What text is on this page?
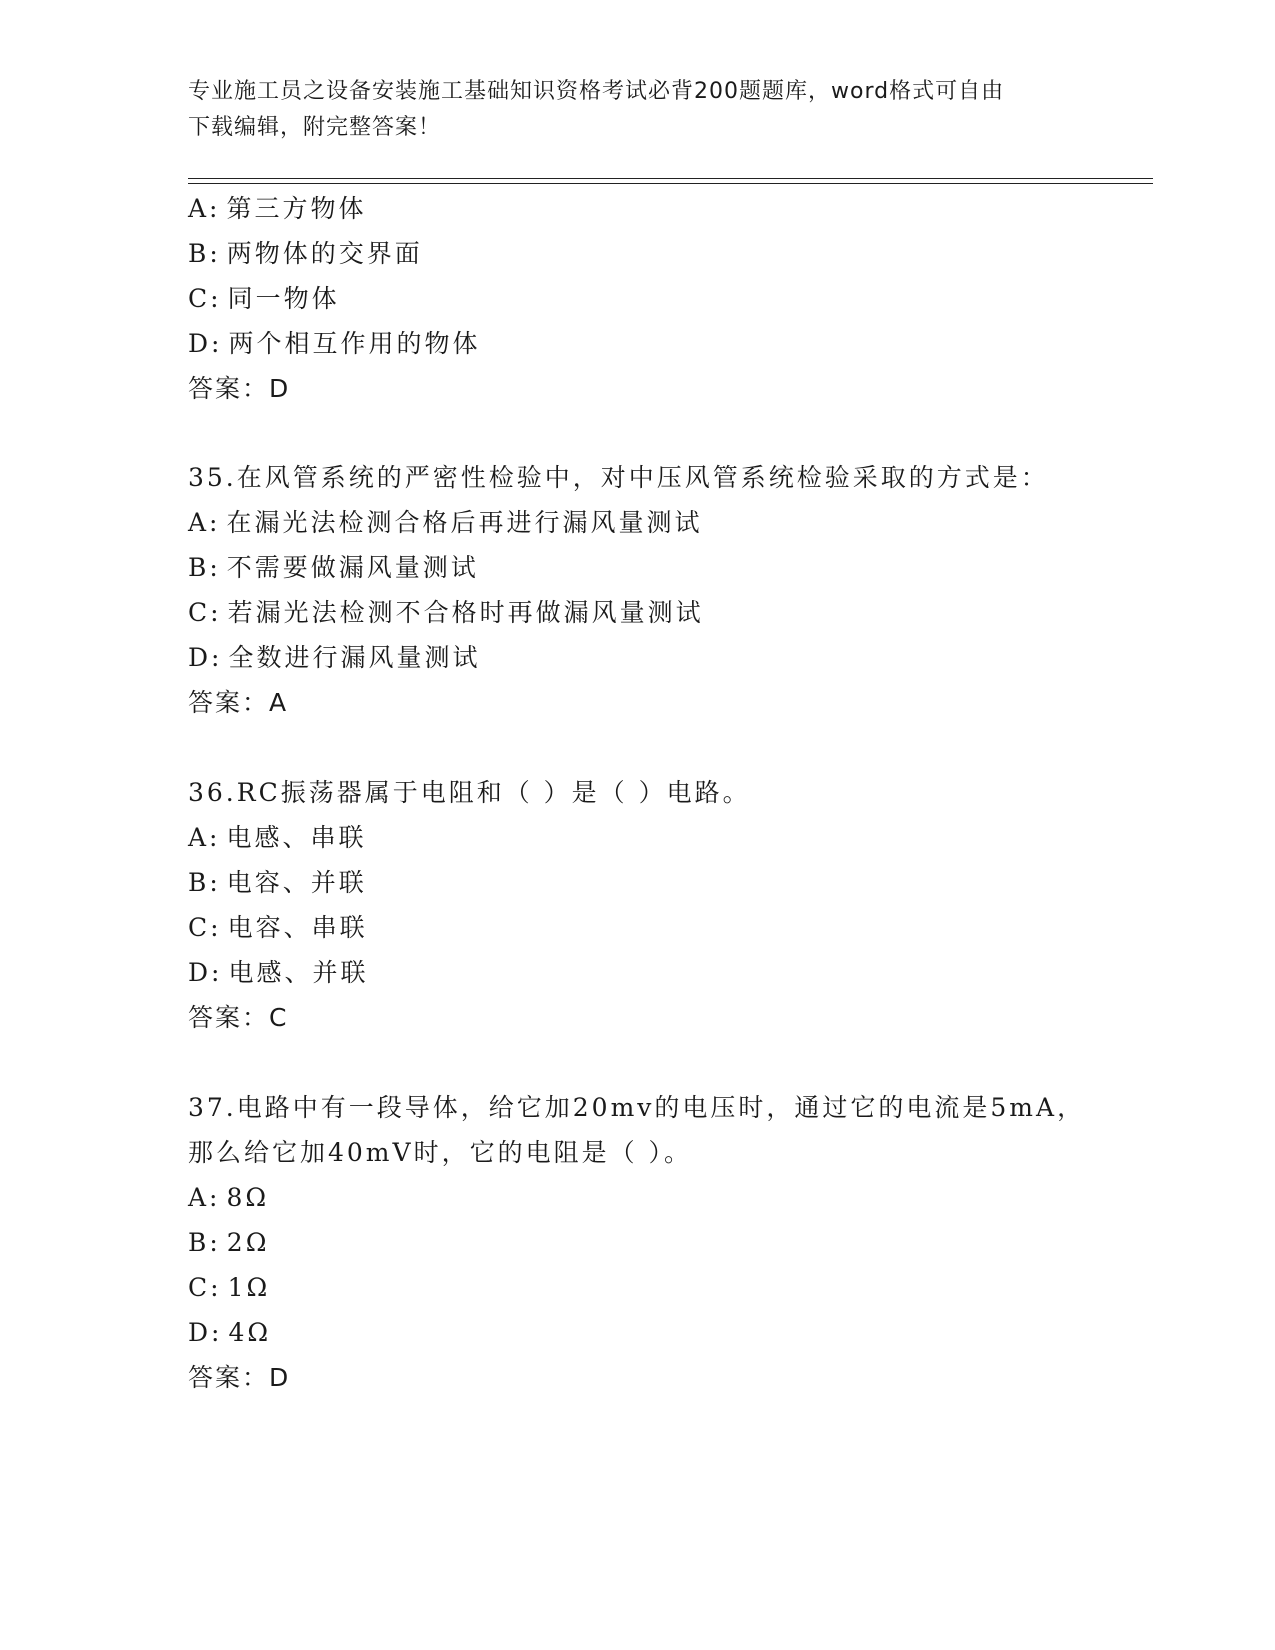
专业施工员之设备安装施工基础知识资格考试必背200题题库，word格式可自由
下载编辑，附完整答案！
A: 第三方物体
B: 两物体的交界面
C: 同一物体
D: 两个相互作用的物体
答案：D
35.在风管系统的严密性检验中，对中压风管系统检验采取的方式是：
A: 在漏光法检测合格后再进行漏风量测试
B: 不需要做漏风量测试
C: 若漏光法检测不合格时再做漏风量测试
D: 全数进行漏风量测试
答案：A
36.RC振荡器属于电阻和（ ）是（ ）电路。
A: 电感、串联
B: 电容、并联
C: 电容、串联
D: 电感、并联
答案：C
37.电路中有一段导体，给它加20mv的电压时，通过它的电流是5mA，
那么给它加40mV时，它的电阻是（ ）。
A: 8Ω
B: 2Ω
C: 1Ω
D: 4Ω
答案：D
